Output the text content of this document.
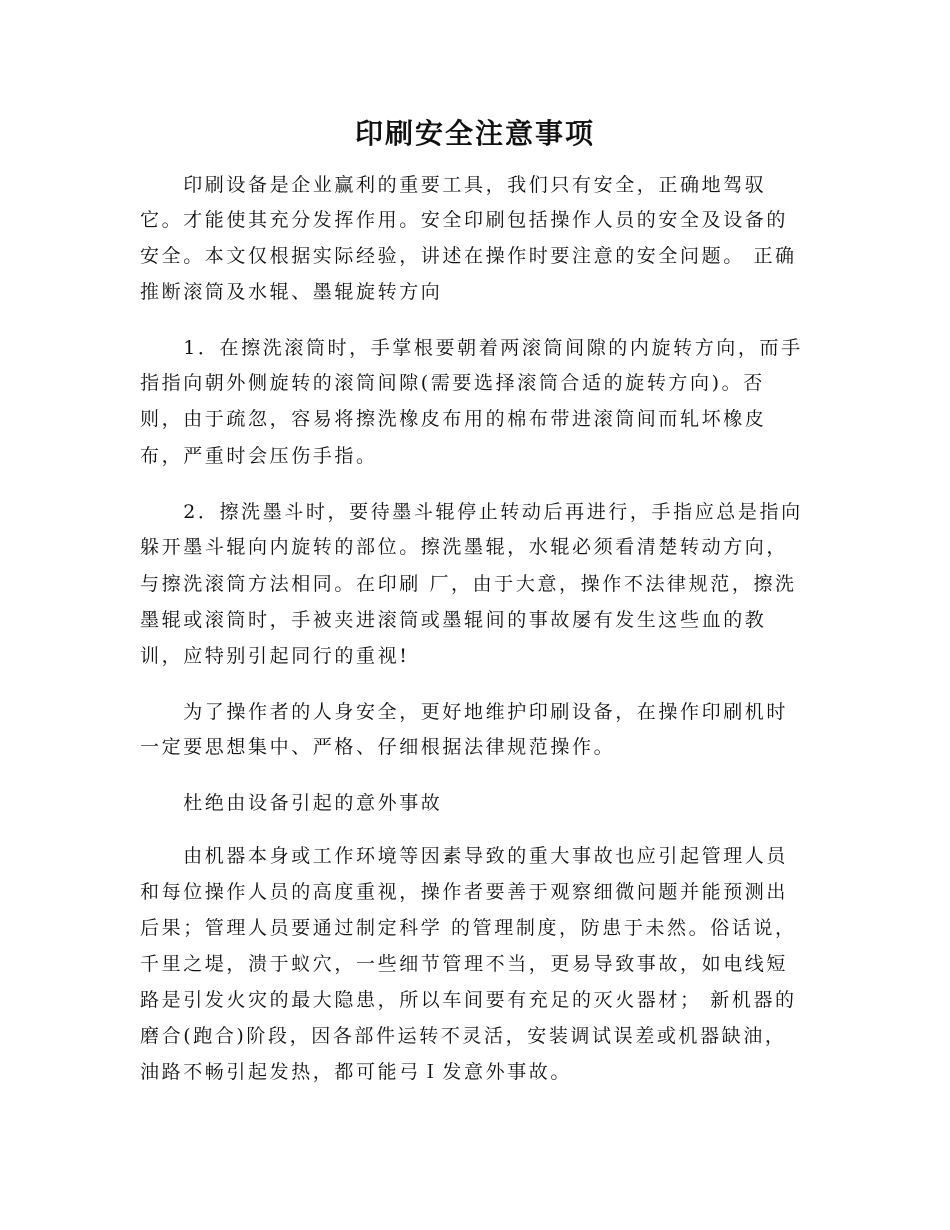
印刷安全注意事项
　　印刷设备是企业赢利的重要工具，我们只有安全，正确地驾驭
它。才能使其充分发挥作用。安全印刷包括操作人员的安全及设备的
安全。本文仅根据实际经验，讲述在操作时要注意的安全问题。 正确
推断滚筒及水辊、墨辊旋转方向
　　1．在擦洗滚筒时，手掌根要朝着两滚筒间隙的内旋转方向，而手
指指向朝外侧旋转的滚筒间隙(需要选择滚筒合适的旋转方向)。否
则，由于疏忽，容易将擦洗橡皮布用的棉布带进滚筒间而轧坏橡皮
布，严重时会压伤手指。
　　2．擦洗墨斗时，要待墨斗辊停止转动后再进行，手指应总是指向
躲开墨斗辊向内旋转的部位。擦洗墨辊，水辊必须看清楚转动方向，
与擦洗滚筒方法相同。在印刷 厂，由于大意，操作不法律规范，擦洗
墨辊或滚筒时，手被夹进滚筒或墨辊间的事故屡有发生这些血的教
训，应特别引起同行的重视!
　　为了操作者的人身安全，更好地维护印刷设备，在操作印刷机时
一定要思想集中、严格、仔细根据法律规范操作。
　　杜绝由设备引起的意外事故
　　由机器本身或工作环境等因素导致的重大事故也应引起管理人员
和每位操作人员的高度重视，操作者要善于观察细微问题并能预测出
后果；管理人员要通过制定科学 的管理制度，防患于未然。俗话说，
千里之堤，溃于蚁穴，一些细节管理不当，更易导致事故，如电线短
路是引发火灾的最大隐患，所以车间要有充足的灭火器材； 新机器的
磨合(跑合)阶段，因各部件运转不灵活，安装调试误差或机器缺油，
油路不畅引起发热，都可能弓Ｉ发意外事故。
